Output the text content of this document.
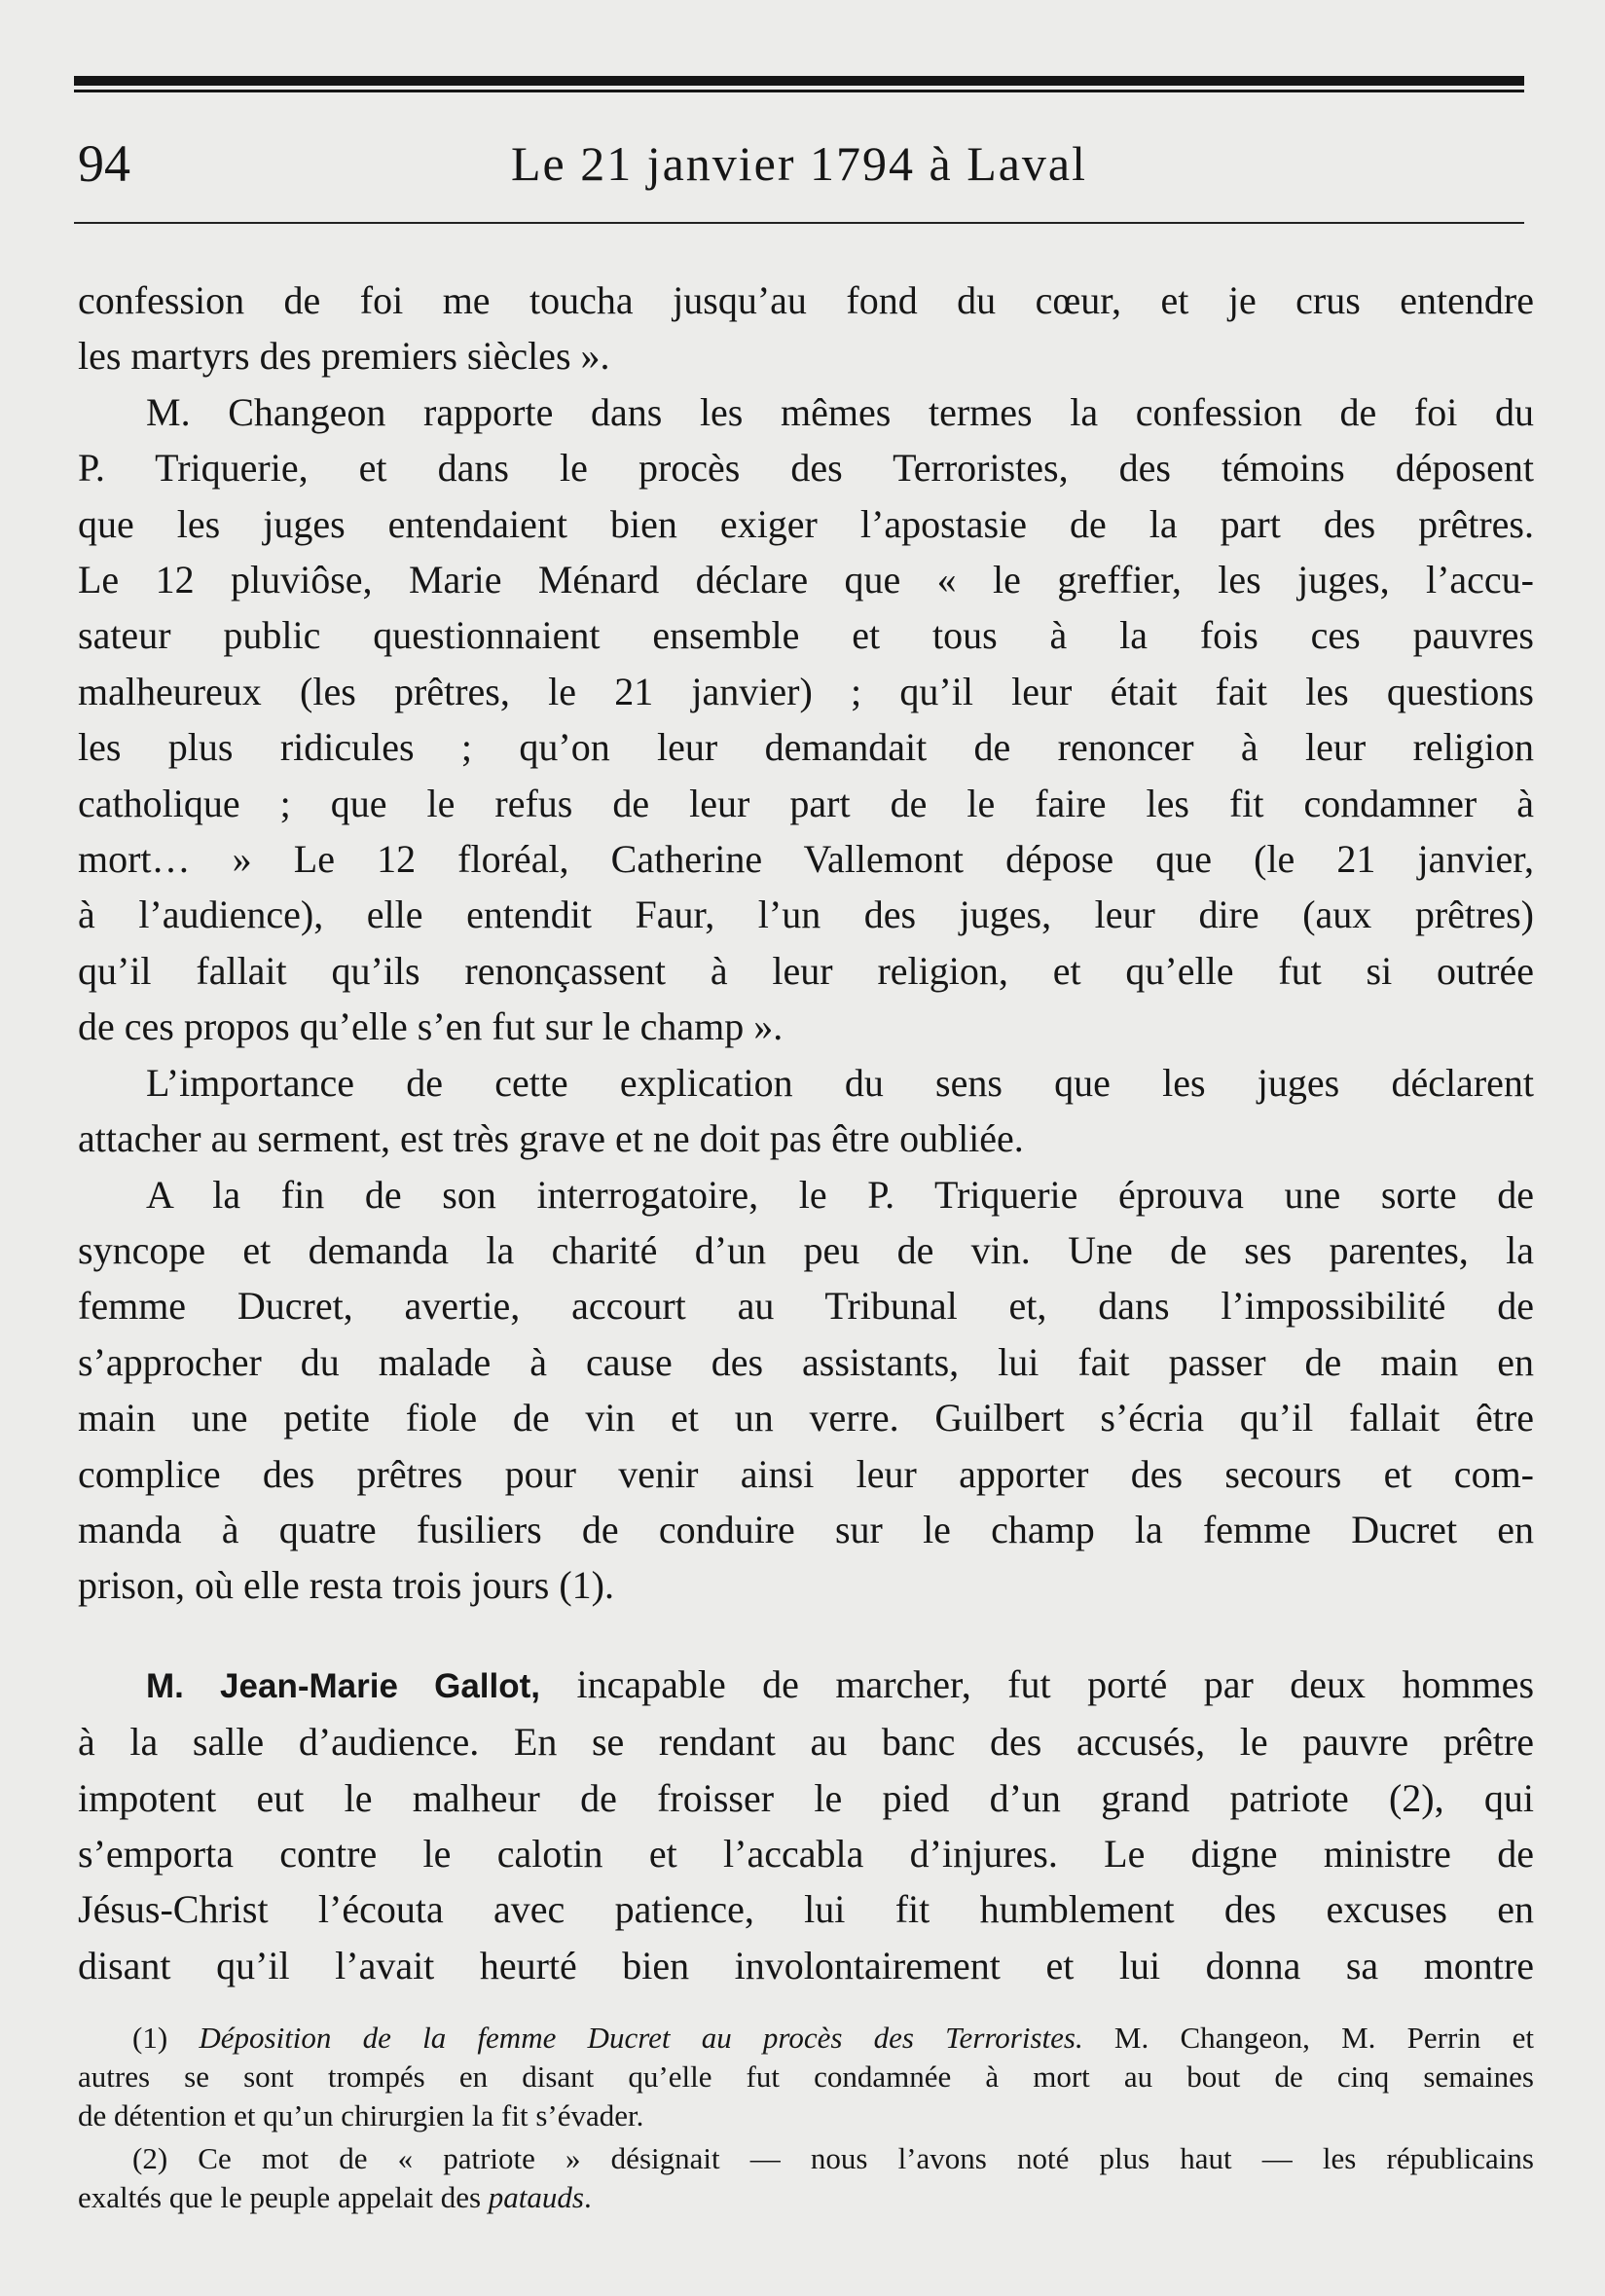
94	Le 21 janvier 1794 à Laval

confession de foi me toucha jusqu’au fond du cœur, et je crus entendre
les martyrs des premiers siècles ».

M. Changeon rapporte dans les mêmes termes la confession de foi du
P. Triquerie, et dans le procès des Terroristes, des témoins déposent
que les juges entendaient bien exiger l’apostasie de la part des prêtres.
Le 12 pluviôse, Marie Ménard déclare que « le greffier, les juges, l’accu-
sateur public questionnaient ensemble et tous à la fois ces pauvres
malheureux (les prêtres, le 21 janvier) ; qu’il leur était fait les questions
les plus ridicules ; qu’on leur demandait de renoncer à leur religion
catholique ; que le refus de leur part de le faire les fit condamner à
mort… » Le 12 floréal, Catherine Vallemont dépose que (le 21 janvier,
à l’audience), elle entendit Faur, l’un des juges, leur dire (aux prêtres)
qu’il fallait qu’ils renonçassent à leur religion, et qu’elle fut si outrée
de ces propos qu’elle s’en fut sur le champ ».

L’importance de cette explication du sens que les juges déclarent
attacher au serment, est très grave et ne doit pas être oubliée.

A la fin de son interrogatoire, le P. Triquerie éprouva une sorte de
syncope et demanda la charité d’un peu de vin. Une de ses parentes, la
femme Ducret, avertie, accourt au Tribunal et, dans l’impossibilité de
s’approcher du malade à cause des assistants, lui fait passer de main en
main une petite fiole de vin et un verre. Guilbert s’écria qu’il fallait être
complice des prêtres pour venir ainsi leur apporter des secours et com-
manda à quatre fusiliers de conduire sur le champ la femme Ducret en
prison, où elle resta trois jours (1).

M. Jean-Marie Gallot, incapable de marcher, fut porté par deux hommes
à la salle d’audience. En se rendant au banc des accusés, le pauvre prêtre
impotent eut le malheur de froisser le pied d’un grand patriote (2), qui
s’emporta contre le calotin et l’accabla d’injures. Le digne ministre de
Jésus-Christ l’écouta avec patience, lui fit humblement des excuses en
disant qu’il l’avait heurté bien involontairement et lui donna sa montre

(1) Déposition de la femme Ducret au procès des Terroristes. M. Changeon, M. Perrin et
autres se sont trompés en disant qu’elle fut condamnée à mort au bout de cinq semaines
de détention et qu’un chirurgien la fit s’évader.
(2) Ce mot de « patriote » désignait — nous l’avons noté plus haut — les républicains
exaltés que le peuple appelait des patauds.
